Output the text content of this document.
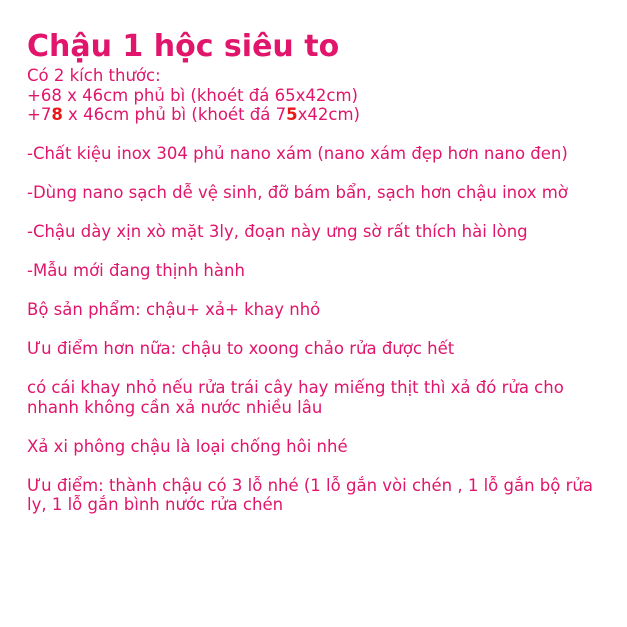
Chậu 1 hộc siêu to

Có 2 kích thước:

+68 x 46cm phủ bì (khoét đá 65x42cm)

+78 x 46cm phủ bì (khoét đá 75x42cm)

-Chất kiệu inox 304 phủ nano xám (nano xám đẹp hơn nano đen)

-Dùng nano sạch dễ vệ sinh, đỡ bám bẩn, sạch hơn chậu inox mờ

-Chậu dày xịn xò mặt 3ly, đoạn này ưng sờ rất thích hài lòng

-Mẫu mới đang thịnh hành

Bộ sản phẩm: chậu+ xả+ khay nhỏ

Ưu điểm hơn nữa: chậu to xoong chảo rửa được hết

có cái khay nhỏ nếu rửa trái cây hay miếng thịt thì xả đó rửa cho nhanh không cần xả nước nhiều lâu

Xả xi phông chậu là loại chống hôi nhé

Ưu điểm: thành chậu có 3 lỗ nhé (1 lỗ gắn vòi chén , 1 lỗ gắn bộ rửa ly, 1 lỗ gắn bình nước rửa chén
